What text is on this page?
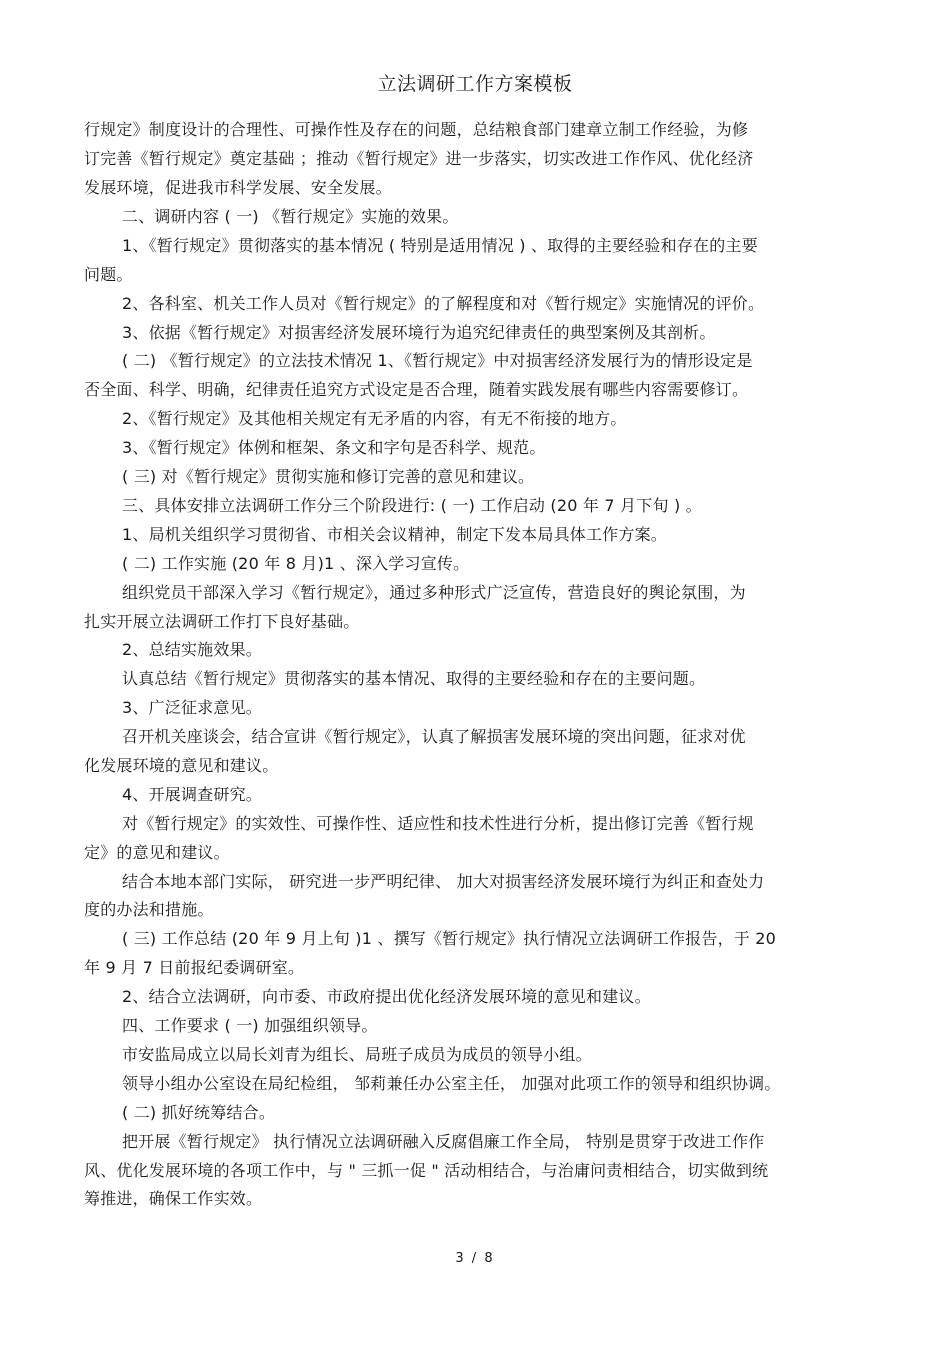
立法调研工作方案模板
行规定》制度设计的合理性、可操作性及存在的问题，总结粮食部门建章立制工作经验，为修
订完善《暂行规定》奠定基础 ；推动《暂行规定》进一步落实，切实改进工作作风、优化经济
发展环境，促进我市科学发展、安全发展。
二、调研内容 ( 一) 《暂行规定》实施的效果。
1、《暂行规定》贯彻落实的基本情况 ( 特别是适用情况 ) 、取得的主要经验和存在的主要
问题。
2、各科室、机关工作人员对《暂行规定》的了解程度和对《暂行规定》实施情况的评价。
3、依据《暂行规定》对损害经济发展环境行为追究纪律责任的典型案例及其剖析。
( 二) 《暂行规定》的立法技术情况 1、《暂行规定》中对损害经济发展行为的情形设定是
否全面、科学、明确，纪律责任追究方式设定是否合理，随着实践发展有哪些内容需要修订。
2、《暂行规定》及其他相关规定有无矛盾的内容，有无不衔接的地方。
3、《暂行规定》体例和框架、条文和字句是否科学、规范。
( 三) 对《暂行规定》贯彻实施和修订完善的意见和建议。
三、具体安排立法调研工作分三个阶段进行: ( 一) 工作启动 (20 年 7 月下旬 ) 。
1、局机关组织学习贯彻省、市相关会议精神，制定下发本局具体工作方案。
( 二) 工作实施 (20 年 8 月)1 、深入学习宣传。
组织党员干部深入学习《暂行规定》，通过多种形式广泛宣传，营造良好的舆论氛围，为
扎实开展立法调研工作打下良好基础。
2、总结实施效果。
认真总结《暂行规定》贯彻落实的基本情况、取得的主要经验和存在的主要问题。
3、广泛征求意见。
召开机关座谈会，结合宣讲《暂行规定》，认真了解损害发展环境的突出问题，征求对优
化发展环境的意见和建议。
4、开展调查研究。
对《暂行规定》的实效性、可操作性、适应性和技术性进行分析，提出修订完善《暂行规
定》的意见和建议。
结合本地本部门实际， 研究进一步严明纪律、 加大对损害经济发展环境行为纠正和查处力
度的办法和措施。
( 三) 工作总结 (20 年 9 月上旬 )1 、撰写《暂行规定》执行情况立法调研工作报告，于 20
年 9 月 7 日前报纪委调研室。
2、结合立法调研，向市委、市政府提出优化经济发展环境的意见和建议。
四、工作要求 ( 一) 加强组织领导。
市安监局成立以局长刘青为组长、局班子成员为成员的领导小组。
领导小组办公室设在局纪检组， 邹莉兼任办公室主任， 加强对此项工作的领导和组织协调。
( 二) 抓好统筹结合。
把开展《暂行规定》 执行情况立法调研融入反腐倡廉工作全局， 特别是贯穿于改进工作作
风、优化发展环境的各项工作中，与 " 三抓一促 " 活动相结合，与治庸问责相结合，切实做到统
筹推进，确保工作实效。
3 / 8
